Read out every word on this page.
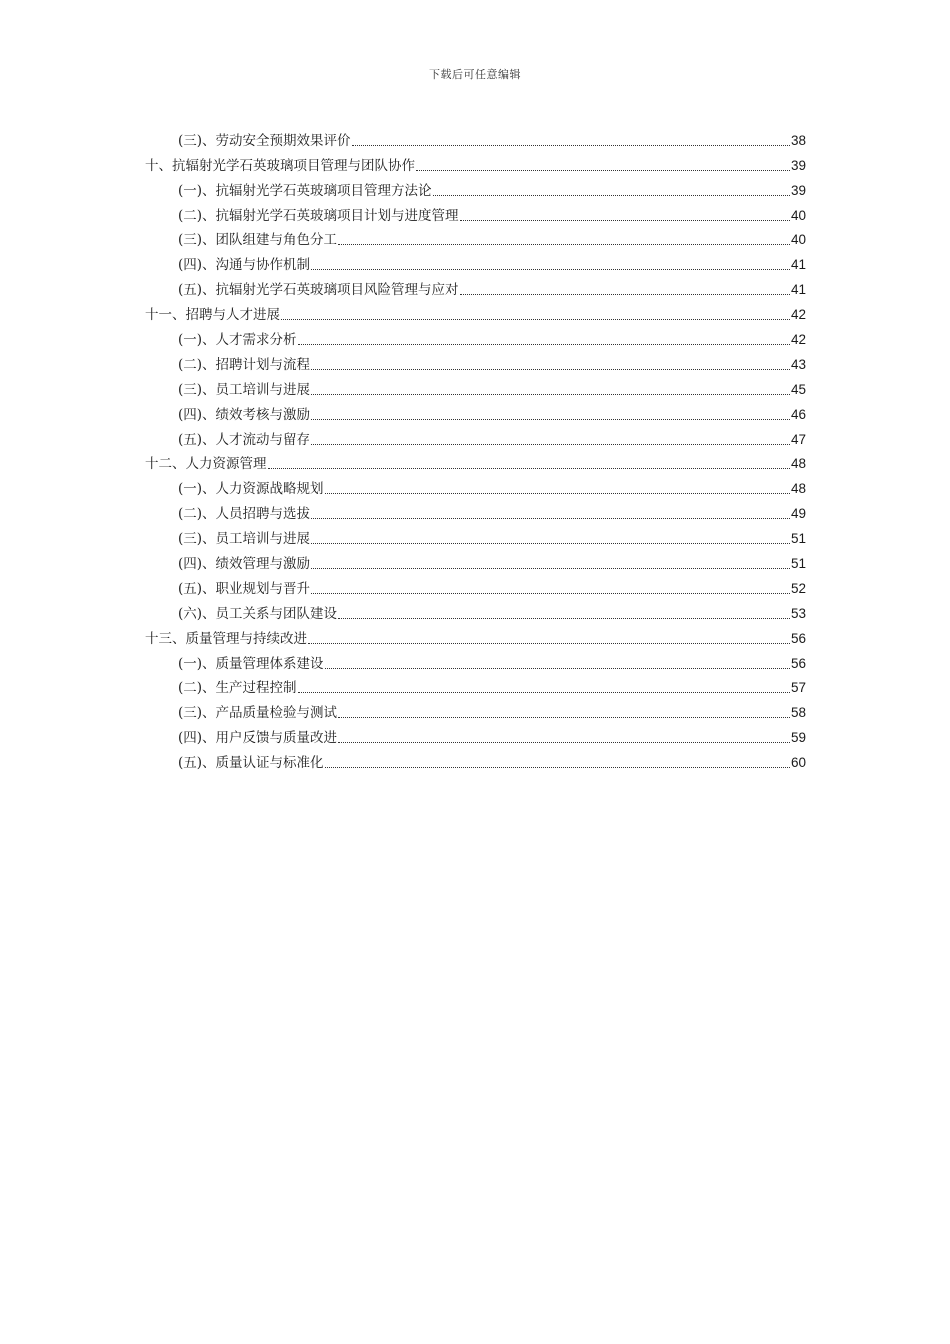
下载后可任意编辑
(三)、劳动安全预期效果评价	38
十、抗辐射光学石英玻璃项目管理与团队协作	39
(一)、抗辐射光学石英玻璃项目管理方法论	39
(二)、抗辐射光学石英玻璃项目计划与进度管理	40
(三)、团队组建与角色分工	40
(四)、沟通与协作机制	41
(五)、抗辐射光学石英玻璃项目风险管理与应对	41
十一、招聘与人才进展	42
(一)、人才需求分析	42
(二)、招聘计划与流程	43
(三)、员工培训与进展	45
(四)、绩效考核与激励	46
(五)、人才流动与留存	47
十二、人力资源管理	48
(一)、人力资源战略规划	48
(二)、人员招聘与选拔	49
(三)、员工培训与进展	51
(四)、绩效管理与激励	51
(五)、职业规划与晋升	52
(六)、员工关系与团队建设	53
十三、质量管理与持续改进	56
(一)、质量管理体系建设	56
(二)、生产过程控制	57
(三)、产品质量检验与测试	58
(四)、用户反馈与质量改进	59
(五)、质量认证与标准化	60
